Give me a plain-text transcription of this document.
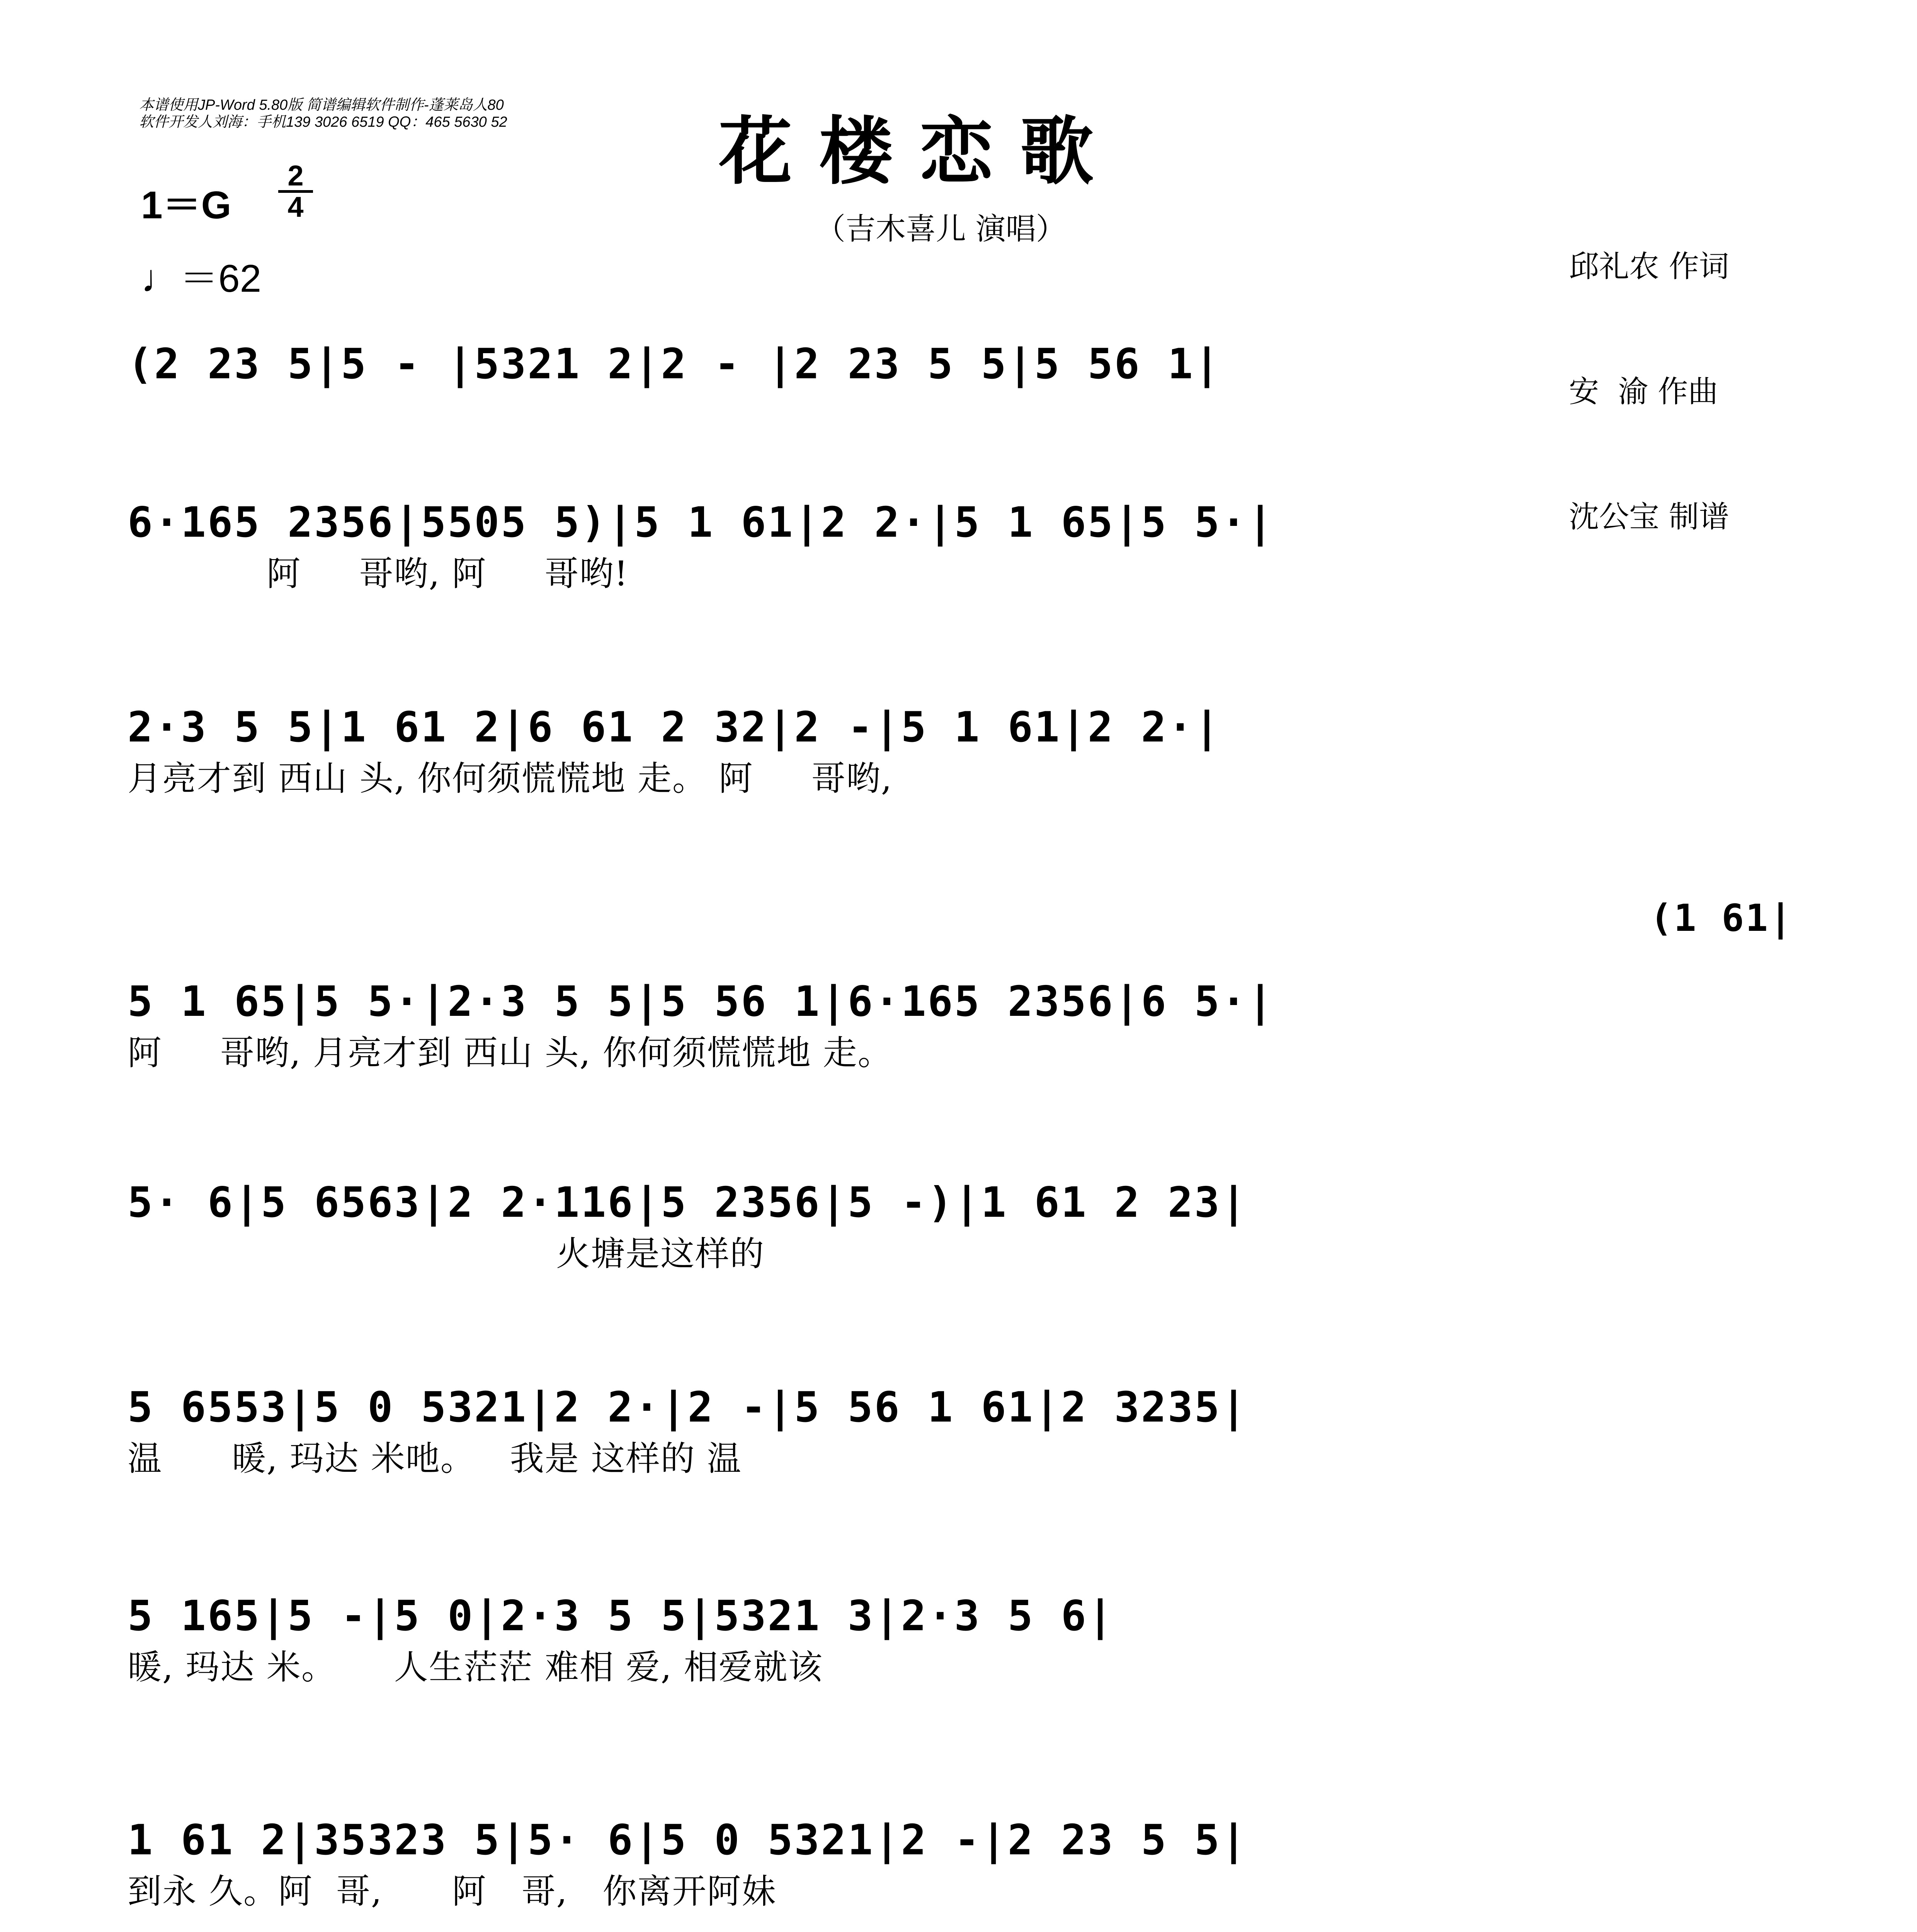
本谱使用JP-Word 5.80版 简谱编辑软件制作-蓬莱岛人80
软件开发人刘海：手机139 3026 6519 QQ：465 5630 52	花楼恋歌
（吉木喜儿 演唱）

邱礼农 作词

安  渝 作曲

沈公宝 制谱

1＝G
2
4
♩＝62
(2 23 5|5 - |5321 2|2 - |2 23 5 5|5 56 1|
6·165 2356|5505 5)|5 1 61|2 2·|5 1 65|5 5·|
阿     哥哟, 阿     哥哟!
2·3 5 5|1 61 2|6 61 2 32|2 -|5 1 61|2 2·|
月亮才到 西山 头, 你何须慌慌地 走。 阿     哥哟,
(1 61|
5 1 65|5 5·|2·3 5 5|5 56 1|6·165 2356|6 5·|
阿     哥哟, 月亮才到 西山 头, 你何须慌慌地 走。
5· 6|5 6563|2 2·116|5 2356|5 -)|1 61 2 23|
火塘是这样的
5 6553|5 0 5321|2 2·|2 -|5 56 1 61|2 3235|
温      暖, 玛达 米吔。   我是 这样的 温
5 165|5 -|5 0|2·3 5 5|5321 3|2·3 5 6|
暖, 玛达 米。     人生茫茫 难相 爱, 相爱就该
1 61 2|35323 5|5· 6|5 0 5321|2 -|2 23 5 5|
到永 久。阿  哥,      阿   哥,   你离开阿妹
